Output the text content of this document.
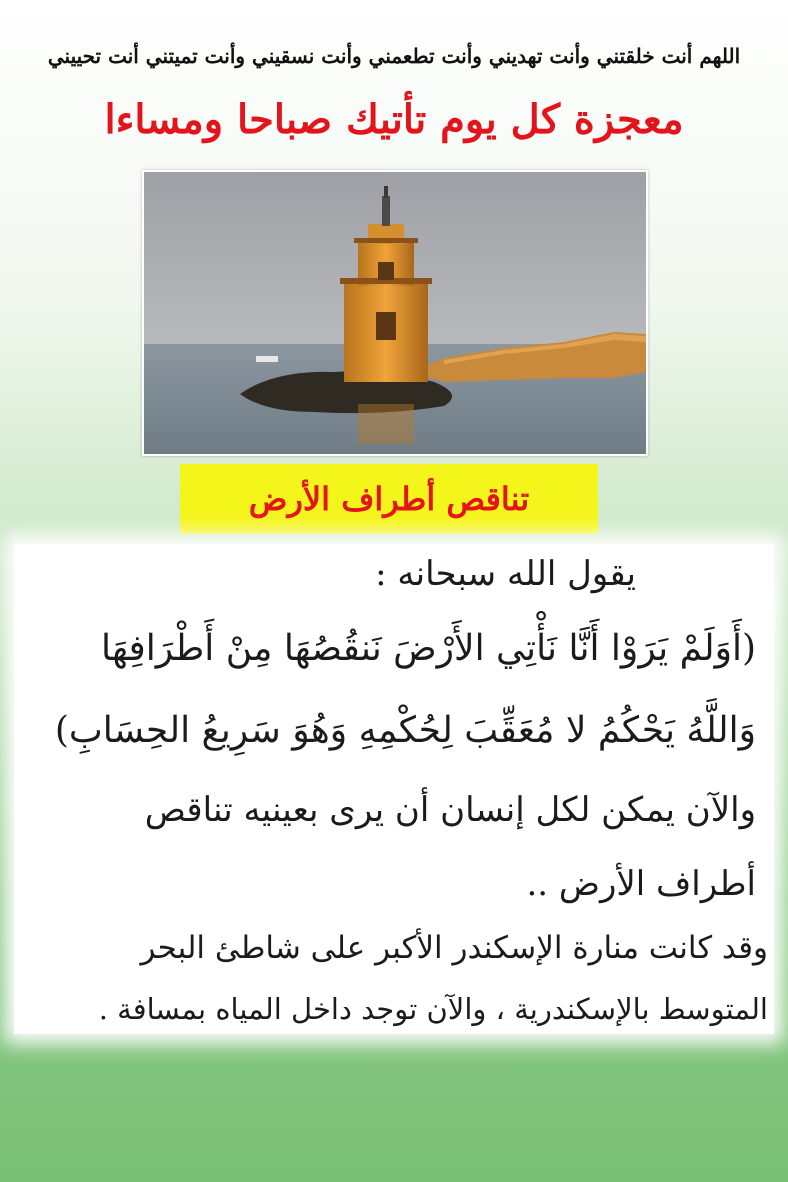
اللهم أنت خلقتني وأنت تهديني وأنت تطعمني وأنت نسقيني وأنت تميتني أنت تحييني
معجزة كل يوم تأتيك صباحا ومساءا
تناقص أطراف الأرض
يقول الله سبحانه :
(أَوَلَمْ يَرَوْا أَنَّا نَأْتِي الأَرْضَ نَنقُصُهَا مِنْ أَطْرَافِهَا
وَاللَّهُ يَحْكُمُ لا مُعَقِّبَ لِحُكْمِهِ وَهُوَ سَرِيعُ الحِسَابِ)
والآن يمكن لكل إنسان أن يرى بعينيه تناقص
أطراف الأرض ..
وقد كانت منارة الإسكندر الأكبر على شاطئ البحر
المتوسط بالإسكندرية ، والآن توجد داخل المياه بمسافة .
